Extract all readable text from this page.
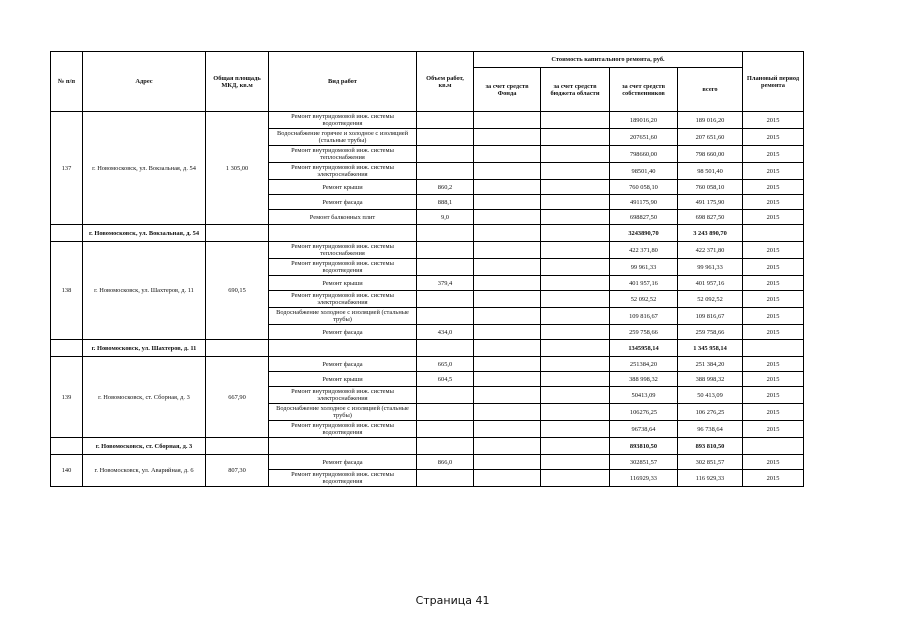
№ п/п	Адрес	Общая площадь МКД, кв.м	Вид работ	Объем работ, кв.м	Стоимость капитального ремонта, руб.				Плановый период ремонта
					за счет средств Фонда	за счет средств бюджета области	за счет средств собственников	всего	
137	г. Новомосковск, ул. Вокзальная, д. 54	1 305,00	Ремонт внутридомовой инж. системы водоотведения				189016,20	189 016,20	2015
			Водоснабжение горячее и холодное с изоляцией (стальные трубы)				207651,60	207 651,60	2015
			Ремонт внутридомовой инж. системы теплоснабжения				798660,00	798 660,00	2015
			Ремонт внутридомовой инж. системы электроснабжения				98501,40	98 501,40	2015
			Ремонт крыши	860,2			760 058,10	760 058,10	2015
			Ремонт фасада	888,1			491175,90	491 175,90	2015
			Ремонт балконных плит	9,0			698827,50	698 827,50	2015
	г. Новомосковск, ул. Вокзальная, д. 54						3243890,70	3 243 890,70	
138	г. Новомосковск, ул. Шахтеров, д. 11	690,15	Ремонт внутридомовой инж. системы теплоснабжения				422 371,80	422 371,80	2015
			Ремонт внутридомовой инж. системы водоотведения				99 961,33	99 961,33	2015
			Ремонт крыши	379,4			401 957,16	401 957,16	2015
			Ремонт внутридомовой инж. системы электроснабжения				52 092,52	52 092,52	2015
			Водоснабжение холодное с изоляцией (стальные трубы)				109 816,67	109 816,67	2015
			Ремонт фасада	434,0			259 758,66	259 758,66	2015
	г. Новомосковск, ул. Шахтеров, д. 11						1345958,14	1 345 958,14	
139	г. Новомосковск, ст. Сборная, д. 3	667,90	Ремонт фасада	665,0			251384,20	251 384,20	2015
			Ремонт крыши	604,5			388 998,32	388 998,32	2015
			Ремонт внутридомовой инж. системы электроснабжения				50413,09	50 413,09	2015
			Водоснабжение холодное с изоляцией (стальные трубы)				106276,25	106 276,25	2015
			Ремонт внутридомовой инж. системы водоотведения				96738,64	96 738,64	2015
	г. Новомосковск, ст. Сборная, д. 3						893810,50	893 810,50	
140	г. Новомосковск, ул. Аварийная, д. 6	807,30	Ремонт фасада	866,0			302851,57	302 851,57	2015
			Ремонт внутридомовой инж. системы водоотведения				116929,33	116 929,33	2015
Страница 41
